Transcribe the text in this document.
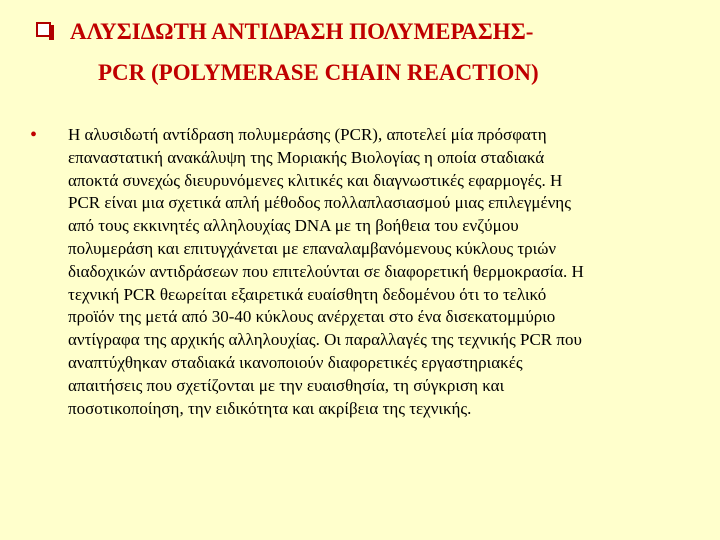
ΑΛΥΣΙΔΩΤΗ ΑΝΤΙΔΡΑΣΗ ΠΟΛΥΜΕΡΑΣΗΣ-
PCR (POLYMERASE CHAIN REACTION)
• Η αλυσιδωτή αντίδραση πολυμεράσης (PCR), αποτελεί μία πρόσφατη
επαναστατική ανακάλυψη της Μοριακής Βιολογίας η οποία σταδιακά
αποκτά συνεχώς διευρυνόμενες κλιτικές και διαγνωστικές εφαρμογές. Η
PCR είναι μια σχετικά απλή μέθοδος πολλαπλασιασμού μιας επιλεγμένης
από τους εκκινητές αλληλουχίας DNA με τη βοήθεια του ενζύμου
πολυμεράση και επιτυγχάνεται με επαναλαμβανόμενους κύκλους τριών
διαδοχικών αντιδράσεων που επιτελούνται σε διαφορετική θερμοκρασία. Η
τεχνική PCR θεωρείται εξαιρετικά ευαίσθητη δεδομένου ότι το τελικό
προϊόν της μετά από 30-40 κύκλους ανέρχεται στο ένα δισεκατομμύριο
αντίγραφα της αρχικής αλληλουχίας. Οι παραλλαγές της τεχνικής PCR που
αναπτύχθηκαν σταδιακά ικανοποιούν διαφορετικές εργαστηριακές
απαιτήσεις που σχετίζονται με την ευαισθησία, τη σύγκριση και
ποσοτικοποίηση, την ειδικότητα και ακρίβεια της τεχνικής.
